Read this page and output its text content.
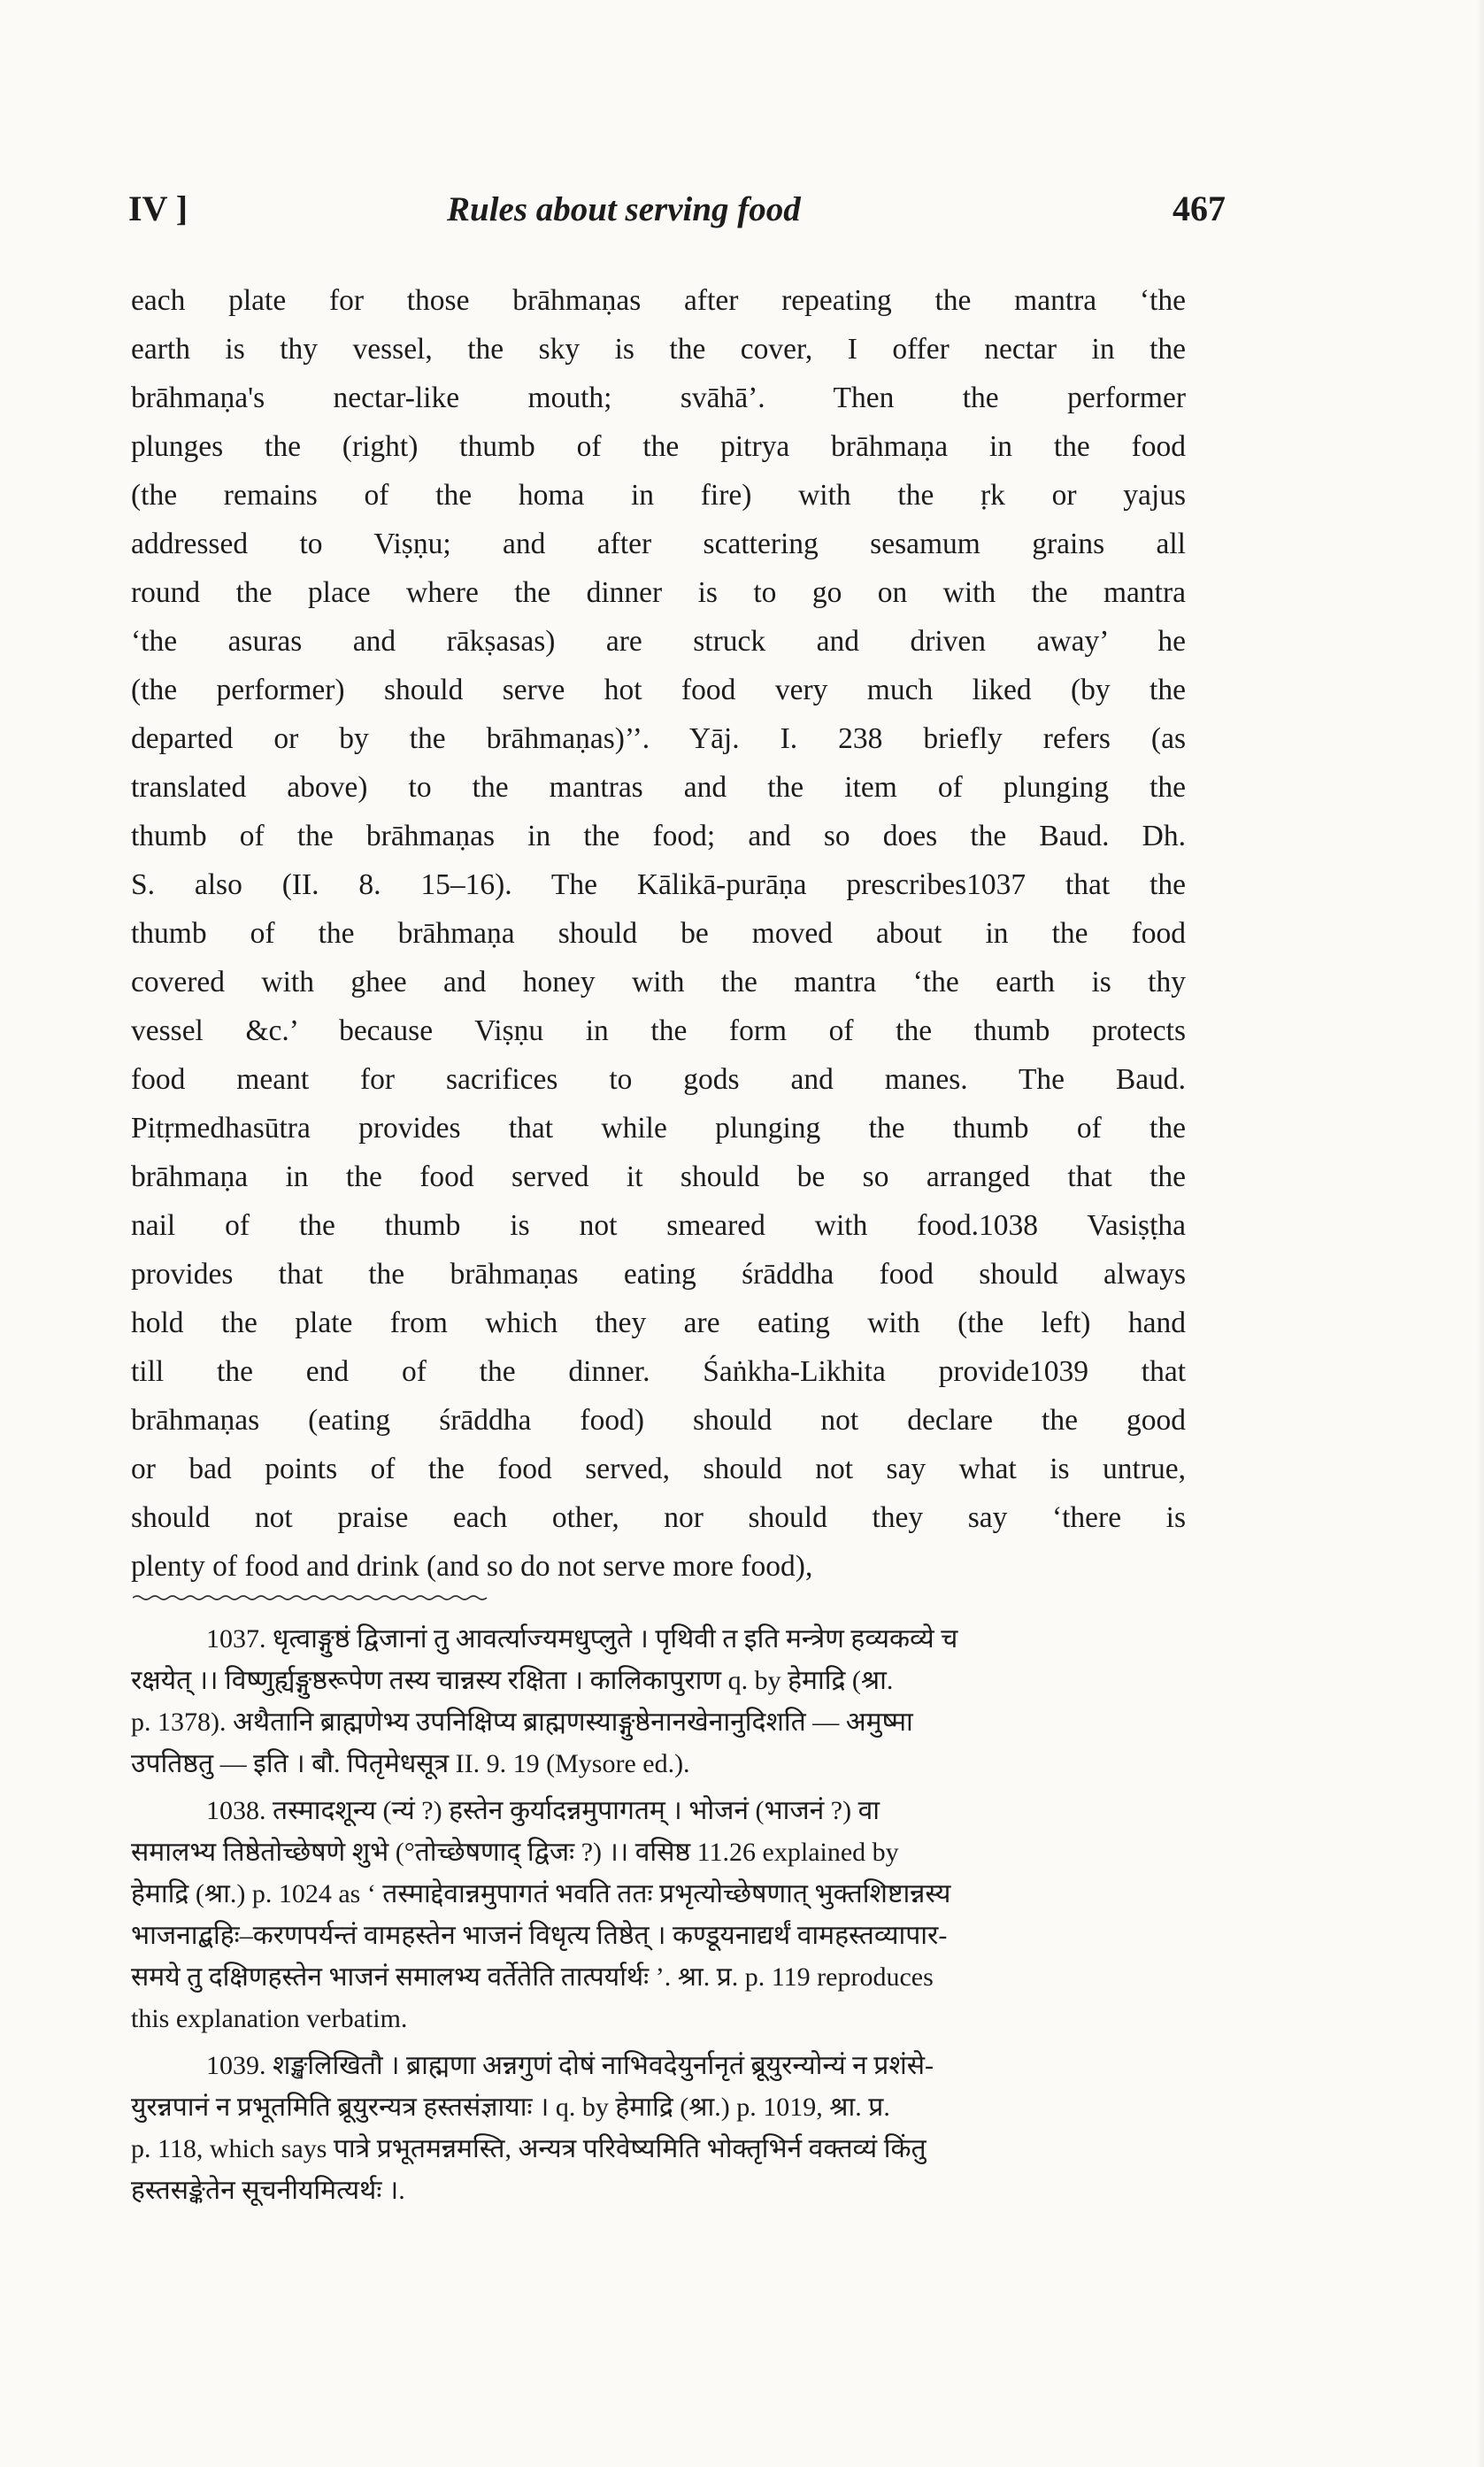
IV ]	Rules about serving food	467
each plate for those brāhmaṇas after repeating the mantra ‘the
earth is thy vessel, the sky is the cover, I offer nectar in the
brāhmaṇa's nectar-like mouth; svāhā’. Then the performer
plunges the (right) thumb of the pitrya brāhmaṇa in the food
(the remains of the homa in fire) with the ṛk or yajus
addressed to Viṣṇu; and after scattering sesamum grains all
round the place where the dinner is to go on with the mantra
‘the asuras and rākṣasas) are struck and driven away’ he
(the performer) should serve hot food very much liked (by the
departed or by the brāhmaṇas)’’. Yāj. I. 238 briefly refers (as
translated above) to the mantras and the item of plunging the
thumb of the brāhmaṇas in the food; and so does the Baud. Dh.
S. also (II. 8. 15–16). The Kālikā-purāṇa prescribes1037 that the
thumb of the brāhmaṇa should be moved about in the food
covered with ghee and honey with the mantra ‘the earth is thy
vessel &c.’ because Viṣṇu in the form of the thumb protects
food meant for sacrifices to gods and manes. The Baud.
Pitṛmedhasūtra provides that while plunging the thumb of the
brāhmaṇa in the food served it should be so arranged that the
nail of the thumb is not smeared with food.1038 Vasiṣṭha
provides that the brāhmaṇas eating śrāddha food should always
hold the plate from which they are eating with (the left) hand
till the end of the dinner. Śaṅkha-Likhita provide1039 that
brāhmaṇas (eating śrāddha food) should not declare the good
or bad points of the food served, should not say what is untrue,
should not praise each other, nor should they say ‘there is
plenty of food and drink (and so do not serve more food),
1037. धृत्वाङ्गुष्ठं द्विजानां तु आवर्त्याज्यमधुप्लुते । पृथिवी त इति मन्त्रेण हव्यकव्ये च
रक्षयेत् ।। विष्णुर्ह्यङ्गुष्ठरूपेण तस्य चान्नस्य रक्षिता । कालिकापुराण q. by हेमाद्रि (श्रा.
p. 1378). अथैतानि ब्राह्मणेभ्य उपनिक्षिप्य ब्राह्मणस्याङ्गुष्ठेनानखेनानुदिशति — अमुष्मा
उपतिष्ठतु — इति । बौ. पितृमेधसूत्र II. 9. 19 (Mysore ed.).
1038. तस्मादशून्य (न्यं ?) हस्तेन कुर्यादन्नमुपागतम् । भोजनं (भाजनं ?) वा
समालभ्य तिष्ठेतोच्छेषणे शुभे (°तोच्छेषणाद् द्विजः ?) ।। वसिष्ठ 11.26 explained by
हेमाद्रि (श्रा.) p. 1024 as ‘ तस्माद्देवान्नमुपागतं भवति ततः प्रभृत्योच्छेषणात् भुक्तशिष्टान्नस्य
भाजनाद्बहिः–करणपर्यन्तं वामहस्तेन भाजनं विधृत्य तिष्ठेत् । कण्डूयनाद्यर्थं वामहस्तव्यापार-
समये तु दक्षिणहस्तेन भाजनं समालभ्य वर्तेतेति तात्पर्यार्थः ’. श्रा. प्र. p. 119 reproduces
this explanation verbatim.
1039. शङ्खलिखितौ । ब्राह्मणा अन्नगुणं दोषं नाभिवदेयुर्नानृतं ब्रूयुरन्योन्यं न प्रशंसे-
युरन्नपानं न प्रभूतमिति ब्रूयुरन्यत्र हस्तसंज्ञायाः । q. by हेमाद्रि (श्रा.) p. 1019, श्रा. प्र.
p. 118, which says पात्रे प्रभूतमन्नमस्ति, अन्यत्र परिवेष्यमिति भोक्तृभिर्न वक्तव्यं किंतु
हस्तसङ्केतेन सूचनीयमित्यर्थः ।.
